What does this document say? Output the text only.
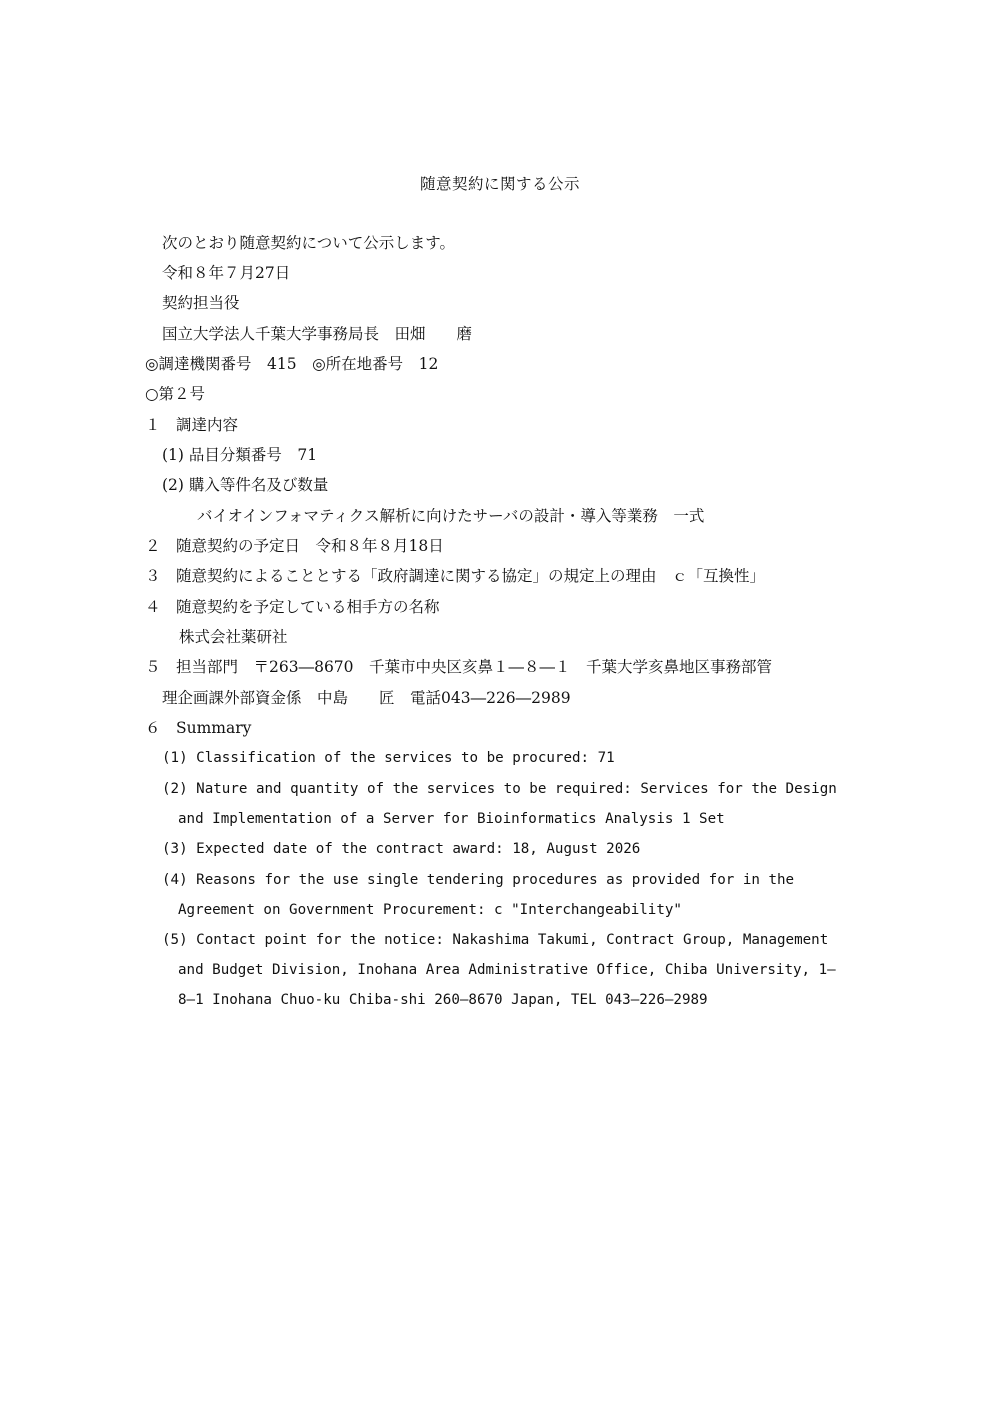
随意契約に関する公示
次のとおり随意契約について公示します。
令和８年７月27日
契約担当役
国立大学法人千葉大学事務局長　田畑　　磨
◎調達機関番号　415　◎所在地番号　12
○第２号
１　調達内容
(1) 品目分類番号　71
(2) 購入等件名及び数量
バイオインフォマティクス解析に向けたサーバの設計・導入等業務　一式
２　随意契約の予定日　令和８年８月18日
３　随意契約によることとする「政府調達に関する協定」の規定上の理由　ｃ「互換性」
４　随意契約を予定している相手方の名称
株式会社薬研社
５　担当部門　〒263―8670　千葉市中央区亥鼻１―８―１　千葉大学亥鼻地区事務部管
理企画課外部資金係　中島　　匠　電話043―226―2989
６　Summary
(1) Classification of the services to be procured: 71
(2) Nature and quantity of the services to be required: Services for the Design
and Implementation of a Server for Bioinformatics Analysis 1 Set
(3) Expected date of the contract award: 18, August 2026
(4) Reasons for the use single tendering procedures as provided for in the
Agreement on Government Procurement: c "Interchangeability"
(5) Contact point for the notice: Nakashima Takumi, Contract Group, Management
and Budget Division, Inohana Area Administrative Office, Chiba University, 1―
8―1 Inohana Chuo-ku Chiba-shi 260―8670 Japan, TEL 043―226―2989
